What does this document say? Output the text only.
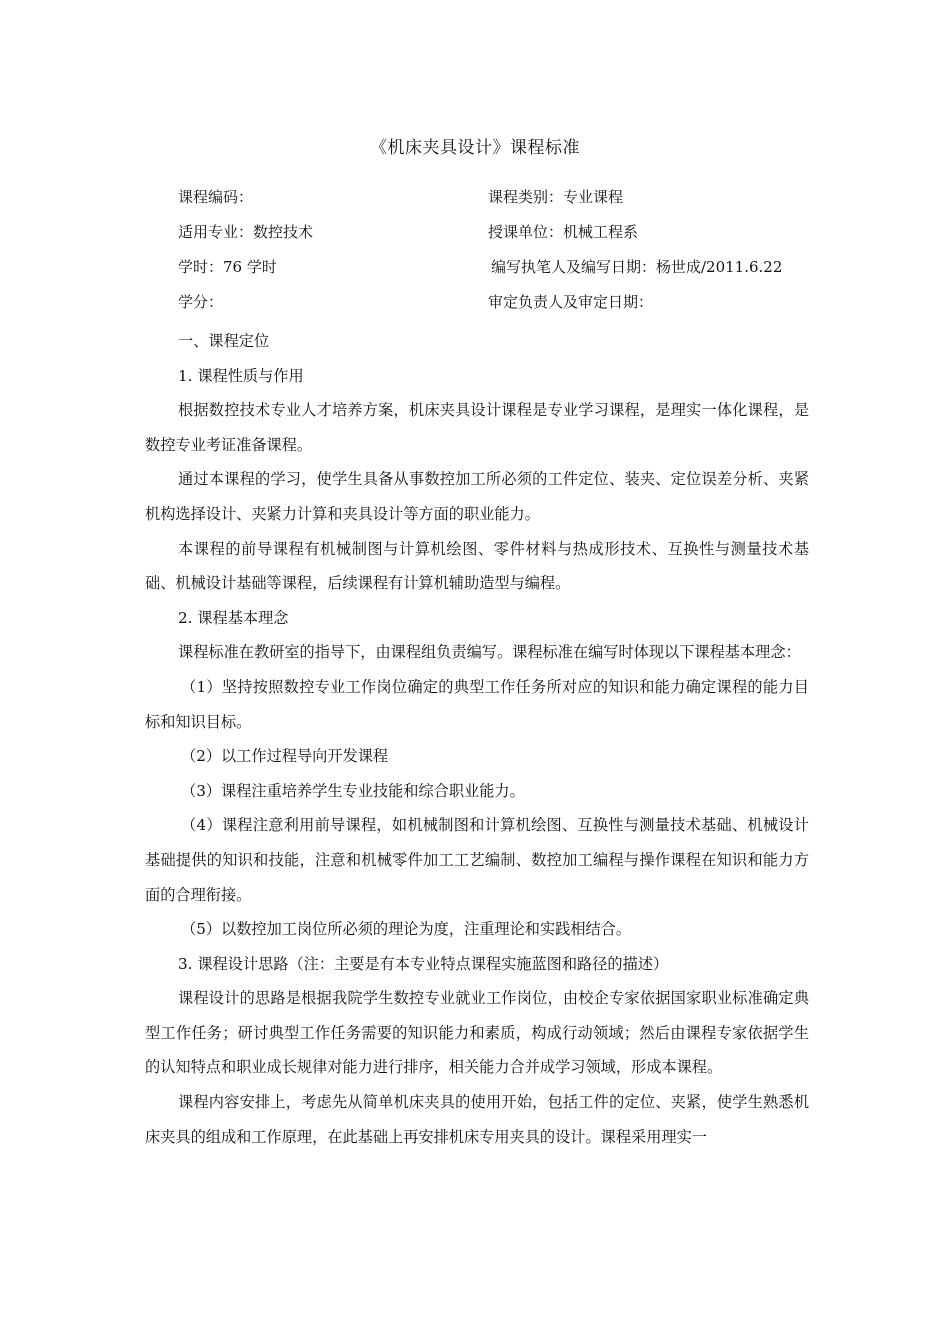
《机床夹具设计》课程标准
课程编码：	课程类别：专业课程
适用专业：数控技术	授课单位：机械工程系
学时：76 学时	编写执笔人及编写日期：杨世成/2011.6.22
学分：	审定负责人及审定日期：

一、课程定位

1. 课程性质与作用

根据数控技术专业人才培养方案，机床夹具设计课程是专业学习课程，是理实一体化课程，是数控专业考证准备课程。

通过本课程的学习，使学生具备从事数控加工所必须的工件定位、装夹、定位误差分析、夹紧机构选择设计、夹紧力计算和夹具设计等方面的职业能力。

本课程的前导课程有机械制图与计算机绘图、零件材料与热成形技术、互换性与测量技术基础、机械设计基础等课程，后续课程有计算机辅助造型与编程。

2. 课程基本理念

课程标准在教研室的指导下，由课程组负责编写。课程标准在编写时体现以下课程基本理念：

（1）坚持按照数控专业工作岗位确定的典型工作任务所对应的知识和能力确定课程的能力目标和知识目标。

（2）以工作过程导向开发课程

（3）课程注重培养学生专业技能和综合职业能力。

（4）课程注意利用前导课程，如机械制图和计算机绘图、互换性与测量技术基础、机械设计基础提供的知识和技能，注意和机械零件加工工艺编制、数控加工编程与操作课程在知识和能力方面的合理衔接。

（5）以数控加工岗位所必须的理论为度，注重理论和实践相结合。

3. 课程设计思路（注：主要是有本专业特点课程实施蓝图和路径的描述）

课程设计的思路是根据我院学生数控专业就业工作岗位，由校企专家依据国家职业标准确定典型工作任务；研讨典型工作任务需要的知识能力和素质，构成行动领域；然后由课程专家依据学生的认知特点和职业成长规律对能力进行排序，相关能力合并成学习领域，形成本课程。

课程内容安排上，考虑先从简单机床夹具的使用开始，包括工件的定位、夹紧，使学生熟悉机床夹具的组成和工作原理，在此基础上再安排机床专用夹具的设计。课程采用理实一
